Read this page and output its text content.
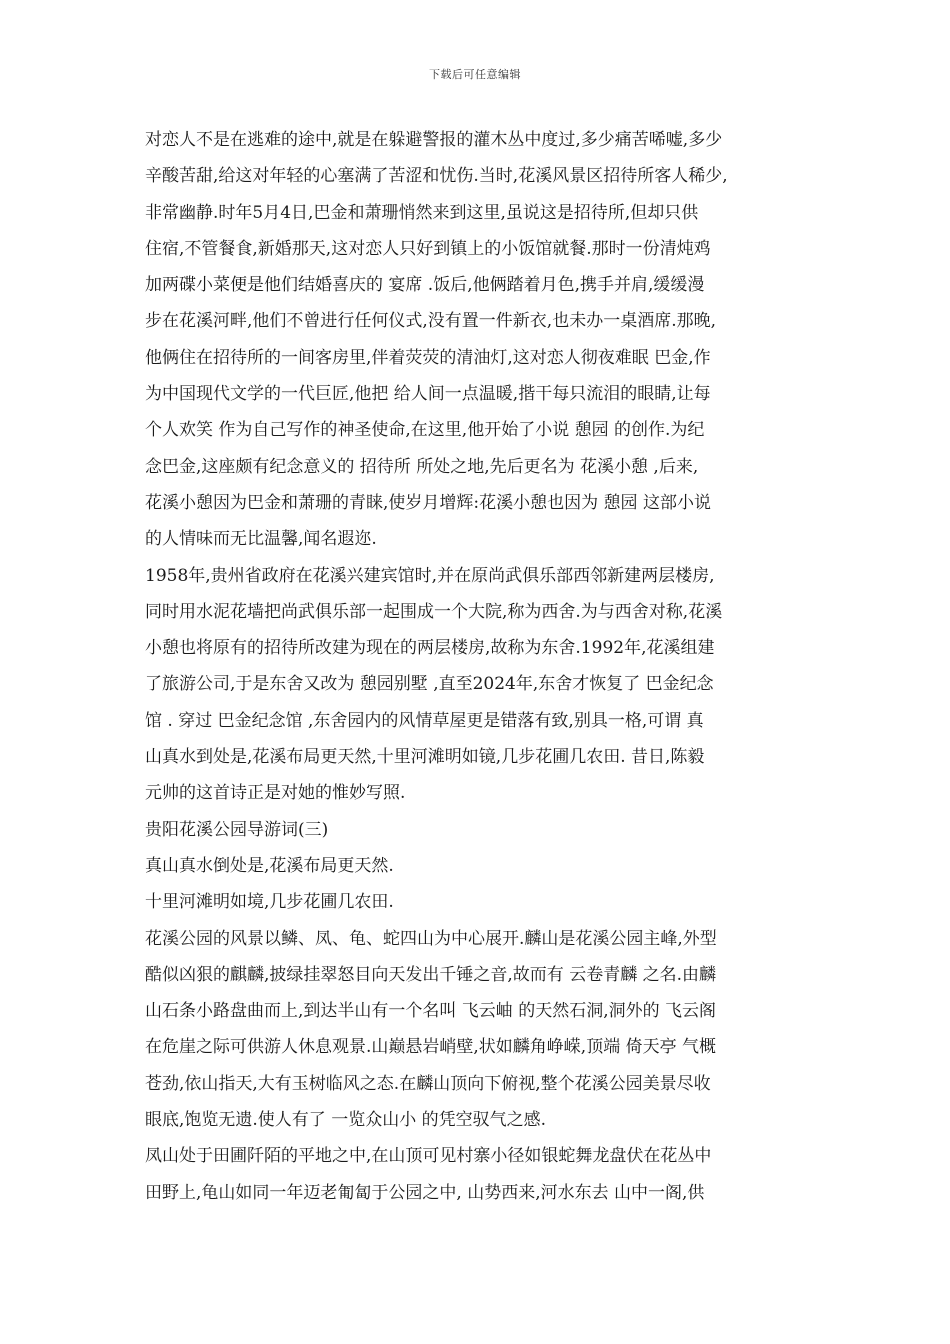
下载后可任意编辑
对恋人不是在逃难的途中,就是在躲避警报的灌木丛中度过,多少痛苦唏嘘,多少
辛酸苦甜,给这对年轻的心塞满了苦涩和忧伤.当时,花溪风景区招待所客人稀少,
非常幽静.时年5月4日,巴金和萧珊悄然来到这里,虽说这是招待所,但却只供
住宿,不管餐食,新婚那天,这对恋人只好到镇上的小饭馆就餐.那时一份清炖鸡
加两碟小菜便是他们结婚喜庆的 宴席 .饭后,他俩踏着月色,携手并肩,缓缓漫
步在花溪河畔,他们不曾进行任何仪式,没有置一件新衣,也未办一桌酒席.那晚,
他俩住在招待所的一间客房里,伴着荧荧的清油灯,这对恋人彻夜难眠 巴金,作
为中国现代文学的一代巨匠,他把 给人间一点温暖,揩干每只流泪的眼睛,让每
个人欢笑 作为自己写作的神圣使命,在这里,他开始了小说 憩园 的创作.为纪
念巴金,这座颇有纪念意义的 招待所 所处之地,先后更名为 花溪小憩 ,后来,
花溪小憩因为巴金和萧珊的青睐,使岁月增辉:花溪小憩也因为 憩园 这部小说
的人情味而无比温馨,闻名遐迩.
1958年,贵州省政府在花溪兴建宾馆时,并在原尚武俱乐部西邻新建两层楼房,
同时用水泥花墙把尚武俱乐部一起围成一个大院,称为西舍.为与西舍对称,花溪
小憩也将原有的招待所改建为现在的两层楼房,故称为东舍.1992年,花溪组建
了旅游公司,于是东舍又改为 憩园别墅 ,直至2024年,东舍才恢复了 巴金纪念
馆 . 穿过 巴金纪念馆 ,东舍园内的风情草屋更是错落有致,别具一格,可谓 真
山真水到处是,花溪布局更天然,十里河滩明如镜,几步花圃几农田. 昔日,陈毅
元帅的这首诗正是对她的惟妙写照.
贵阳花溪公园导游词(三)
真山真水倒处是,花溪布局更天然.
十里河滩明如境,几步花圃几农田.
花溪公园的风景以鳞、凤、龟、蛇四山为中心展开.麟山是花溪公园主峰,外型
酷似凶狠的麒麟,披绿挂翠怒目向天发出千锤之音,故而有 云卷青麟 之名.由麟
山石条小路盘曲而上,到达半山有一个名叫 飞云岫 的天然石洞,洞外的 飞云阁
在危崖之际可供游人休息观景.山巅悬岩峭壁,状如麟角峥嵘,顶端 倚天亭 气概
苍劲,依山指天,大有玉树临风之态.在麟山顶向下俯视,整个花溪公园美景尽收
眼底,饱览无遗.使人有了 一览众山小 的凭空驭气之感.
凤山处于田圃阡陌的平地之中,在山顶可见村寨小径如银蛇舞龙盘伏在花丛中
田野上,龟山如同一年迈老匍匐于公园之中, 山势西来,河水东去 山中一阁,供
